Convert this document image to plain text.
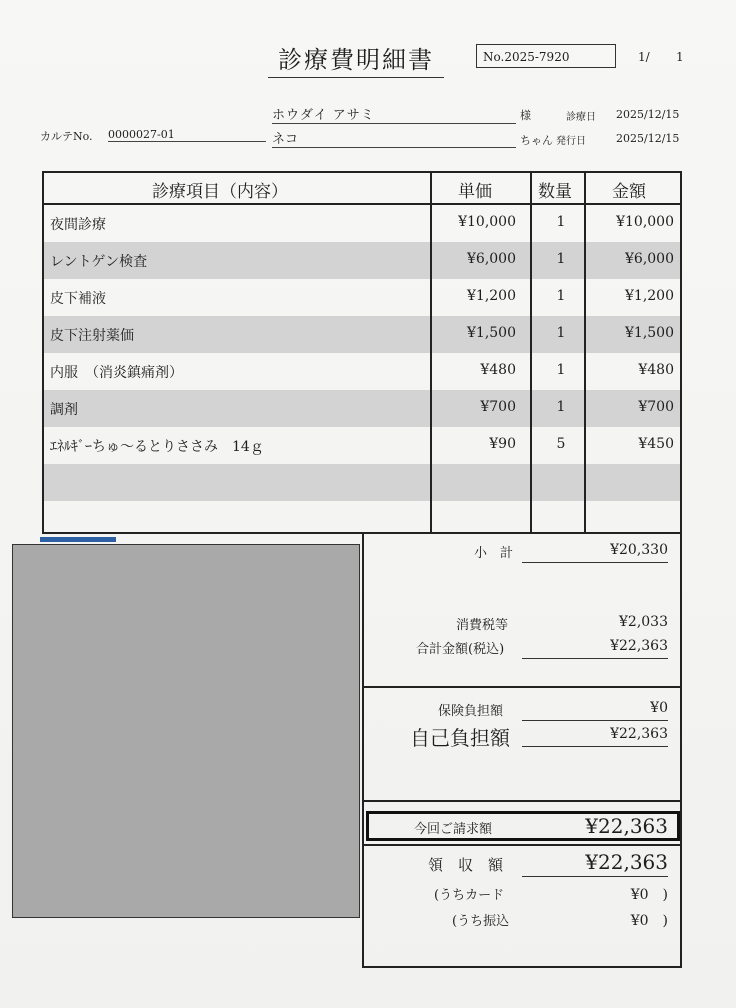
診療費明細書	No.2025-7920	1/ 1
ホウダイ アサミ	様	診療日 2025/12/15
カルテNo. 0000027-01	ネコ	ちゃん 発行日	2025/12/15
診療項目（内容）	単価	数量 金額
夜間診療	¥10,000	1	¥10,000
レントゲン検査	¥6,000	1	¥6,000
皮下補液	¥1,200	1	¥1,200
皮下注射薬価	¥1,500	1	¥1,500
内服　（消炎鎮痛剤）	¥480	1	¥480
調剤	¥700	1	¥700
ｴﾈﾙｷﾞｰちゅ～るとりささみ　14ｇ	¥90	5	¥450
小　計	¥20,330
消費税等	¥2,033
合計金額(税込)	¥22,363
保険負担額	¥0
自己負担額	¥22,363
今回ご請求額	¥22,363
領　収　額	¥22,363
(うちカード	¥0　)
(うち振込	¥0　)
